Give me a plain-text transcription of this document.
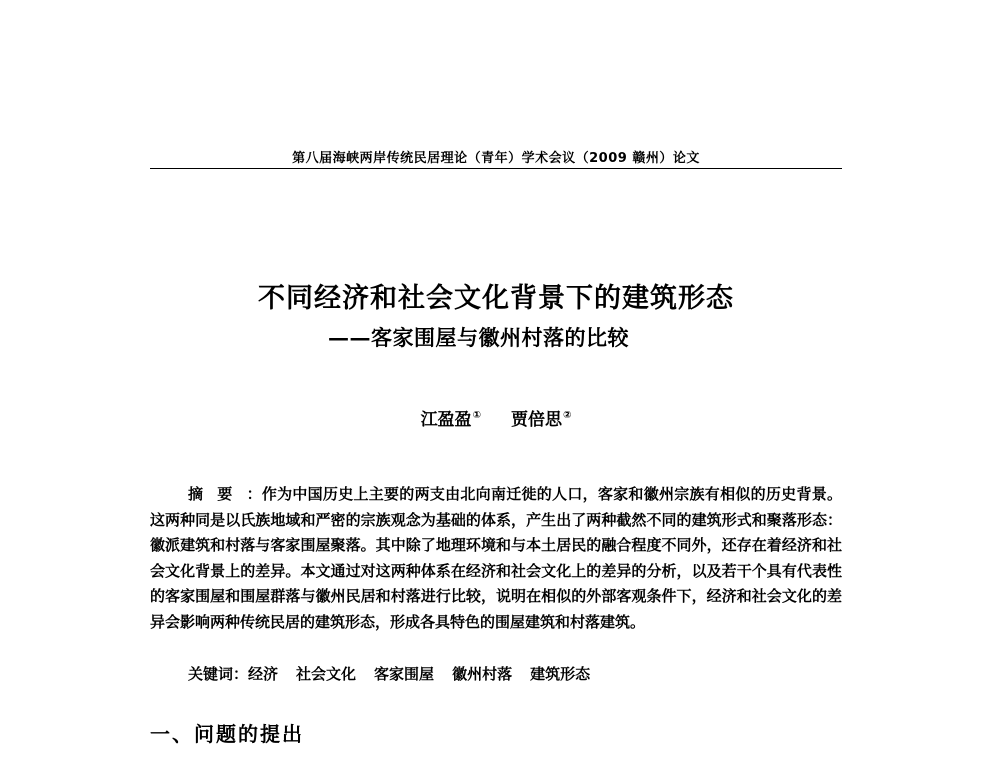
第八届海峡两岸传统民居理论（青年）学术会议（2009 赣州）论文
不同经济和社会文化背景下的建筑形态
——客家围屋与徽州村落的比较
江盈盈① 贾倍思②
摘要：作为中国历史上主要的两支由北向南迁徙的人口，客家和徽州宗族有相似的历史背景。这两种同是以氏族地域和严密的宗族观念为基础的体系，产生出了两种截然不同的建筑形式和聚落形态：徽派建筑和村落与客家围屋聚落。其中除了地理环境和与本土居民的融合程度不同外，还存在着经济和社会文化背景上的差异。本文通过对这两种体系在经济和社会文化上的差异的分析，以及若干个具有代表性的客家围屋和围屋群落与徽州民居和村落进行比较，说明在相似的外部客观条件下，经济和社会文化的差异会影响两种传统民居的建筑形态，形成各具特色的围屋建筑和村落建筑。
关键词：经济 社会文化 客家围屋 徽州村落 建筑形态
一、问题的提出
